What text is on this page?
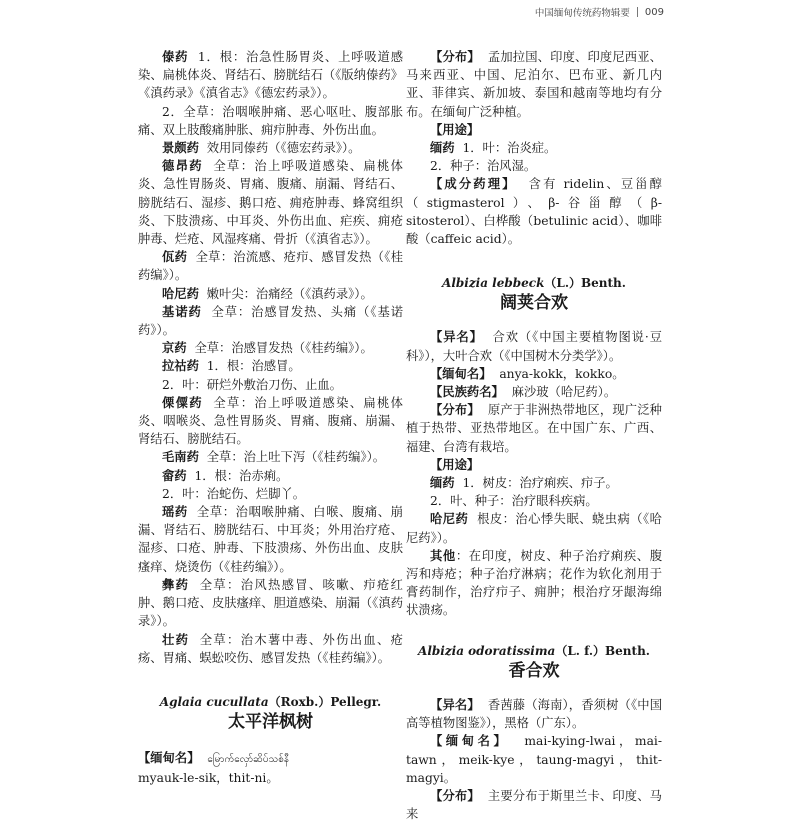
中国缅甸传统药物辑要 009

傣药 1．根：治急性肠胃炎、上呼吸道感染、扁桃体炎、肾结石、膀胱结石（《版纳傣药》《滇药录》《滇省志》《德宏药录》）。

2．全草：治咽喉肿痛、恶心呕吐、腹部胀痛、双上肢酸痛肿胀、痈疖肿毒、外伤出血。

景颇药 效用同傣药（《德宏药录》）。

德昂药 全草：治上呼吸道感染、扁桃体炎、急性胃肠炎、胃痛、腹痛、崩漏、肾结石、膀胱结石、湿疹、鹅口疮、痈疮肿毒、蜂窝组织炎、下肢溃疡、中耳炎、外伤出血、疟疾、痈疮肿毒、烂疮、风湿疼痛、骨折（《滇省志》）。

佤药 全草：治流感、疮疖、感冒发热（《桂药编》）。

哈尼药 嫩叶尖：治痛经（《滇药录》）。

基诺药 全草：治感冒发热、头痛（《基诺药》）。

京药 全草：治感冒发热（《桂药编》）。

拉祜药 1．根：治感冒。

2．叶：研烂外敷治刀伤、止血。

傈僳药 全草：治上呼吸道感染、扁桃体炎、咽喉炎、急性胃肠炎、胃痛、腹痛、崩漏、肾结石、膀胱结石。

毛南药 全草：治上吐下泻（《桂药编》）。

畲药 1．根：治赤痢。

2．叶：治蛇伤、烂脚丫。

瑶药 全草：治咽喉肿痛、白喉、腹痛、崩漏、肾结石、膀胱结石、中耳炎；外用治疗疮、湿疹、口疮、肿毒、下肢溃疡、外伤出血、皮肤瘙痒、烧烫伤（《桂药编》）。

彝药 全草：治风热感冒、咳嗽、疖疮红肿、鹅口疮、皮肤瘙痒、胆道感染、崩漏（《滇药录》）。

壮药 全草：治木薯中毒、外伤出血、疮疡、胃痛、蜈蚣咬伤、感冒发热（《桂药编》）。

Aglaia cucullata（Roxb.）Pellegr.
太平洋枫树

【缅甸名】 မြောက်လှော်ဆိပ်သစ်နီ

myauk-le-sik，thit-ni。

【分布】 孟加拉国、印度、印度尼西亚、马来西亚、中国、尼泊尔、巴布亚、新几内亚、菲律宾、新加坡、泰国和越南等地均有分布。在缅甸广泛种植。

【用途】

缅药 1．叶：治炎症。

2．种子：治风湿。

【成分药理】 含有 ridelin、豆甾醇（stigmasterol）、β-谷甾醇（β-sitosterol）、白桦酸（betulinic acid）、咖啡酸（caffeic acid）。

Albizia lebbeck（L.）Benth.
阔荚合欢

【异名】 合欢（《中国主要植物图说·豆科》），大叶合欢（《中国树木分类学》）。

【缅甸名】 anya-kokk，kokko。

【民族药名】 麻沙玻（哈尼药）。

【分布】 原产于非洲热带地区，现广泛种植于热带、亚热带地区。在中国广东、广西、福建、台湾有栽培。

【用途】

缅药 1．树皮：治疗痢疾、疖子。

2．叶、种子：治疗眼科疾病。

哈尼药 根皮：治心悸失眠、蛲虫病（《哈尼药》）。

其他：在印度，树皮、种子治疗痢疾、腹泻和痔疮；种子治疗淋病；花作为软化剂用于膏药制作，治疗疖子、痈肿；根治疗牙龈海绵状溃疡。

Albizia odoratissima（L. f.）Benth.
香合欢

【异名】 香茜藤（海南），香须树（《中国高等植物图鉴》），黑格（广东）。

【缅甸名】 mai-kying-lwai，mai-tawn，meik-kye，taung-magyi，thit-magyi。

【分布】 主要分布于斯里兰卡、印度、马来
